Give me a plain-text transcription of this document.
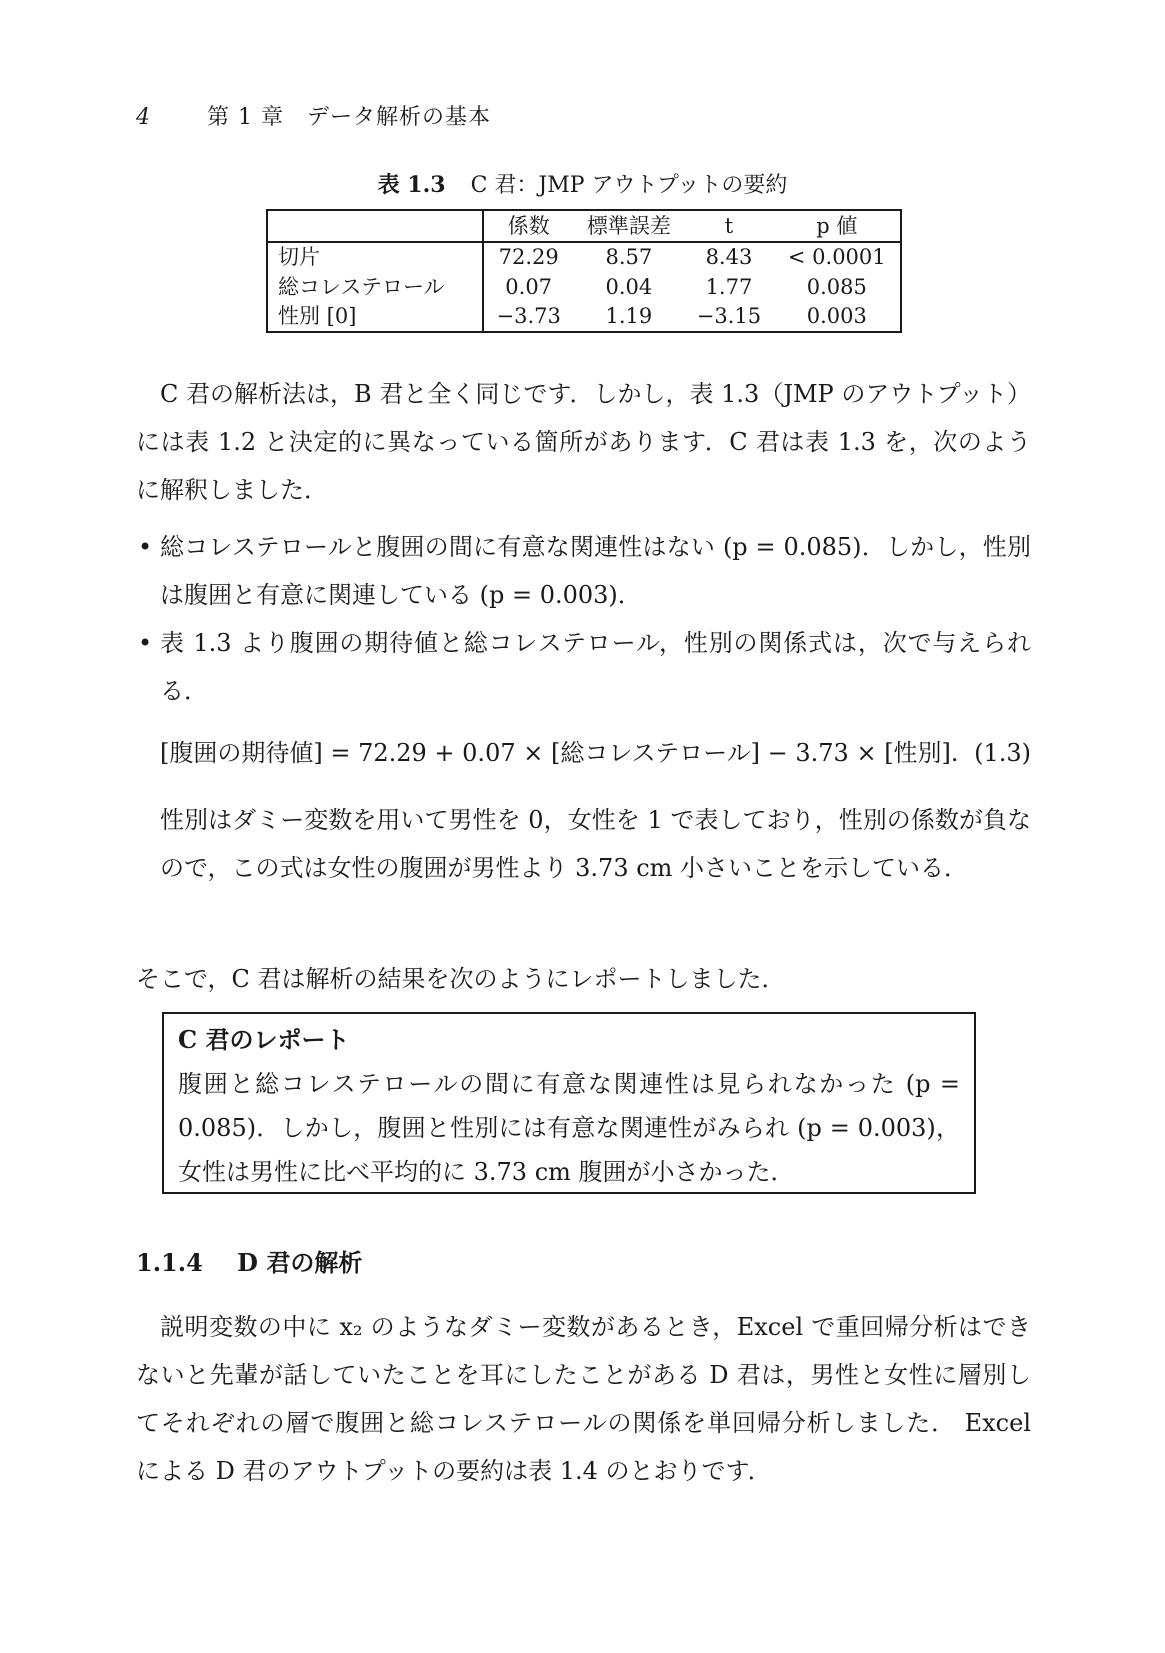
4	第 1 章　データ解析の基本
表 1.3 C 君：JMP アウトプットの要約
	係数	標準誤差	t	p 値
切片	72.29	8.57	8.43	< 0.0001
総コレステロール	0.07	0.04	1.77	0.085
性別 [0]	−3.73	1.19	−3.15	0.003

C 君の解析法は，B 君と全く同じです．しかし，表 1.3（JMP のアウトプット）には表 1.2 と決定的に異なっている箇所があります．C 君は表 1.3 を，次のように解釈しました．

• 総コレステロールと腹囲の間に有意な関連性はない (p = 0.085)．しかし，性別は腹囲と有意に関連している (p = 0.003)．
• 表 1.3 より腹囲の期待値と総コレステロール，性別の関係式は，次で与えられる．
[腹囲の期待値] = 72.29 + 0.07 × [総コレステロール] − 3.73 × [性別]. (1.3)

性別はダミー変数を用いて男性を 0，女性を 1 で表しており，性別の係数が負なので，この式は女性の腹囲が男性より 3.73 cm 小さいことを示している．

そこで，C 君は解析の結果を次のようにレポートしました．

C 君のレポート
腹囲と総コレステロールの間に有意な関連性は見られなかった (p = 0.085)．しかし，腹囲と性別には有意な関連性がみられ (p = 0.003)，女性は男性に比べ平均的に 3.73 cm 腹囲が小さかった．
1.1.4 D 君の解析

説明変数の中に x₂ のようなダミー変数があるとき，Excel で重回帰分析はできないと先輩が話していたことを耳にしたことがある D 君は，男性と女性に層別してそれぞれの層で腹囲と総コレステロールの関係を単回帰分析しました． Excel による D 君のアウトプットの要約は表 1.4 のとおりです．
